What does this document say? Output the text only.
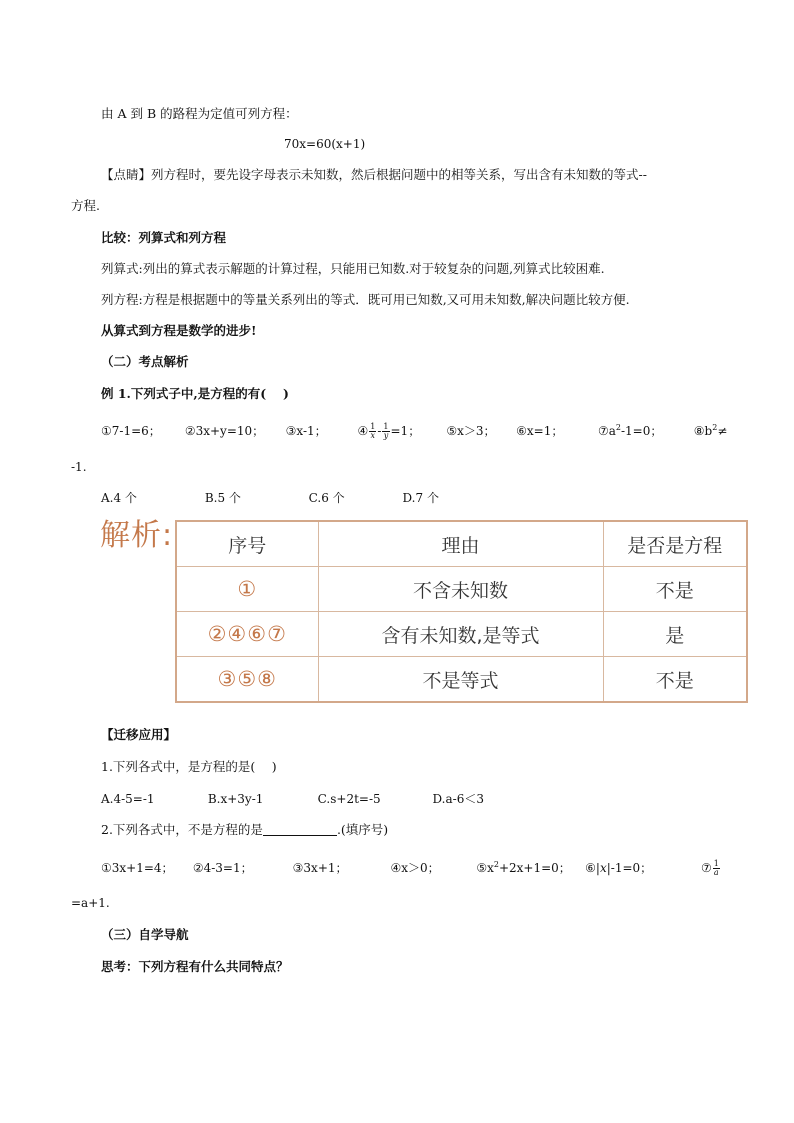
由 A 到 B 的路程为定值可列方程：
70x=60(x+1)
【点睛】列方程时，要先设字母表示未知数，然后根据问题中的相等关系，写出含有未知数的等式--
方程.
比较：列算式和列方程
列算式:列出的算式表示解题的计算过程，只能用已知数.对于较复杂的问题,列算式比较困难.
列方程:方程是根据题中的等量关系列出的等式．既可用已知数,又可用未知数,解决问题比较方便.
从算式到方程是数学的进步!
（二）考点解析
例 1.下列式子中,是方程的有(　 )
①7-1=6； ②3x+y=10； ③x-1；	④ $\frac{1}{x} - \frac{1}{y} =1$； ⑤x＞3； ⑥x=1；	⑦a2-1=0；	⑧b2≠
-1.
A.4 个	B.5 个	C.6 个	D.7 个
解析:	序号	理由	是否是方程
①	不含未知数	不是
②④⑥⑦	含有未知数,是等式	是
③⑤⑧	不是等式	不是
【迁移应用】
1.下列各式中，是方程的是(　 )
A.4-5=-1	B.x+3y-1	C.s+2t=-5	D.a-6＜3
2.下列各式中，不是方程的是	.(填序号)
①3x+1=4； ②4-3=1；	③3x+1；	④x＞0；	⑤x2+2x+1=0； ⑥|x|-1=0；	⑦ $\frac{1}{a}$
=a+1.
（三）自学导航
思考：下列方程有什么共同特点？
